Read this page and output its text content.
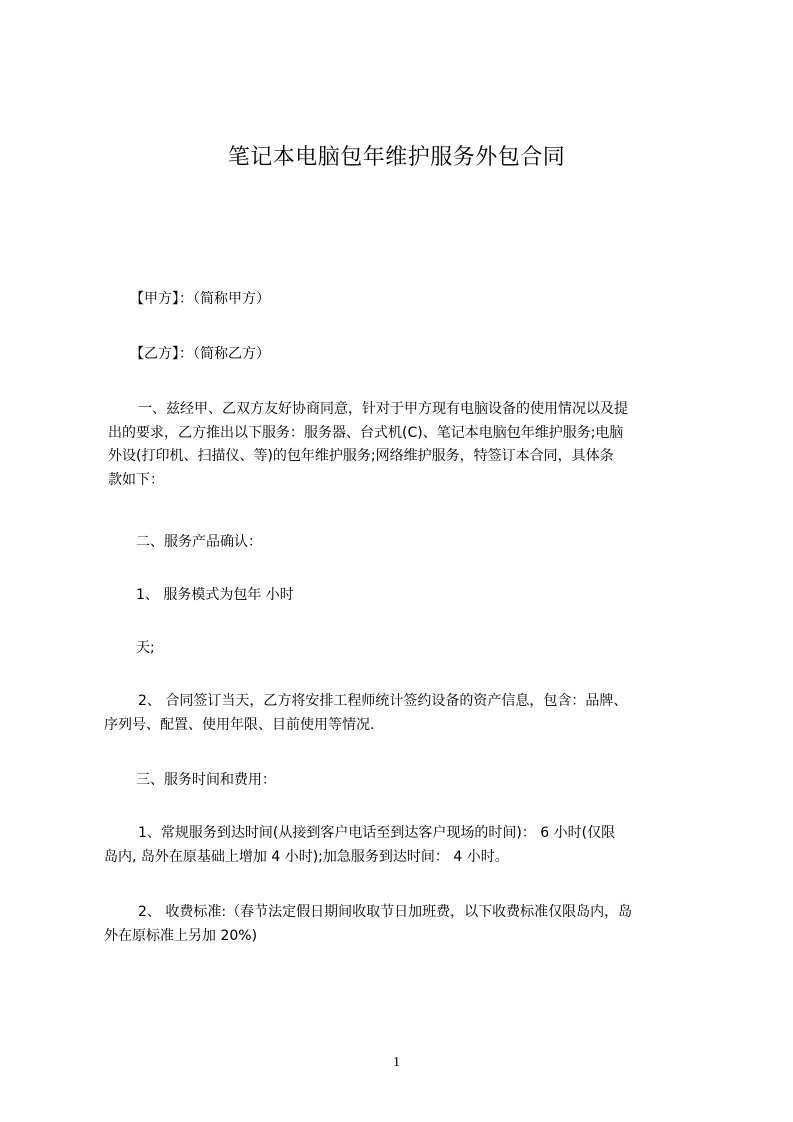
笔记本电脑包年维护服务外包合同

【甲方】：（简称甲方）

【乙方】：（简称乙方）

一、兹经甲、乙双方友好协商同意，针对于甲方现有电脑设备的使用情况以及提
出的要求，乙方推出以下服务：服务器、台式机(C)、笔记本电脑包年维护服务;电脑
外设(打印机、扫描仪、等)的包年维护服务;网络维护服务，特签订本合同，具体条
款如下：

二、服务产品确认：

1、 服务模式为包年 小时

天;

2、 合同签订当天，乙方将安排工程师统计签约设备的资产信息，包含：品牌、
序列号、配置、使用年限、目前使用等情况.

三、服务时间和费用：

1、常规服务到达时间(从接到客户电话至到达客户现场的时间)： 6 小时(仅限
岛内, 岛外在原基础上增加 4 小时);加急服务到达时间： 4 小时。
2、 收费标准:（春节法定假日期间收取节日加班费，以下收费标准仅限岛内，岛
外在原标准上另加 20%)
1
